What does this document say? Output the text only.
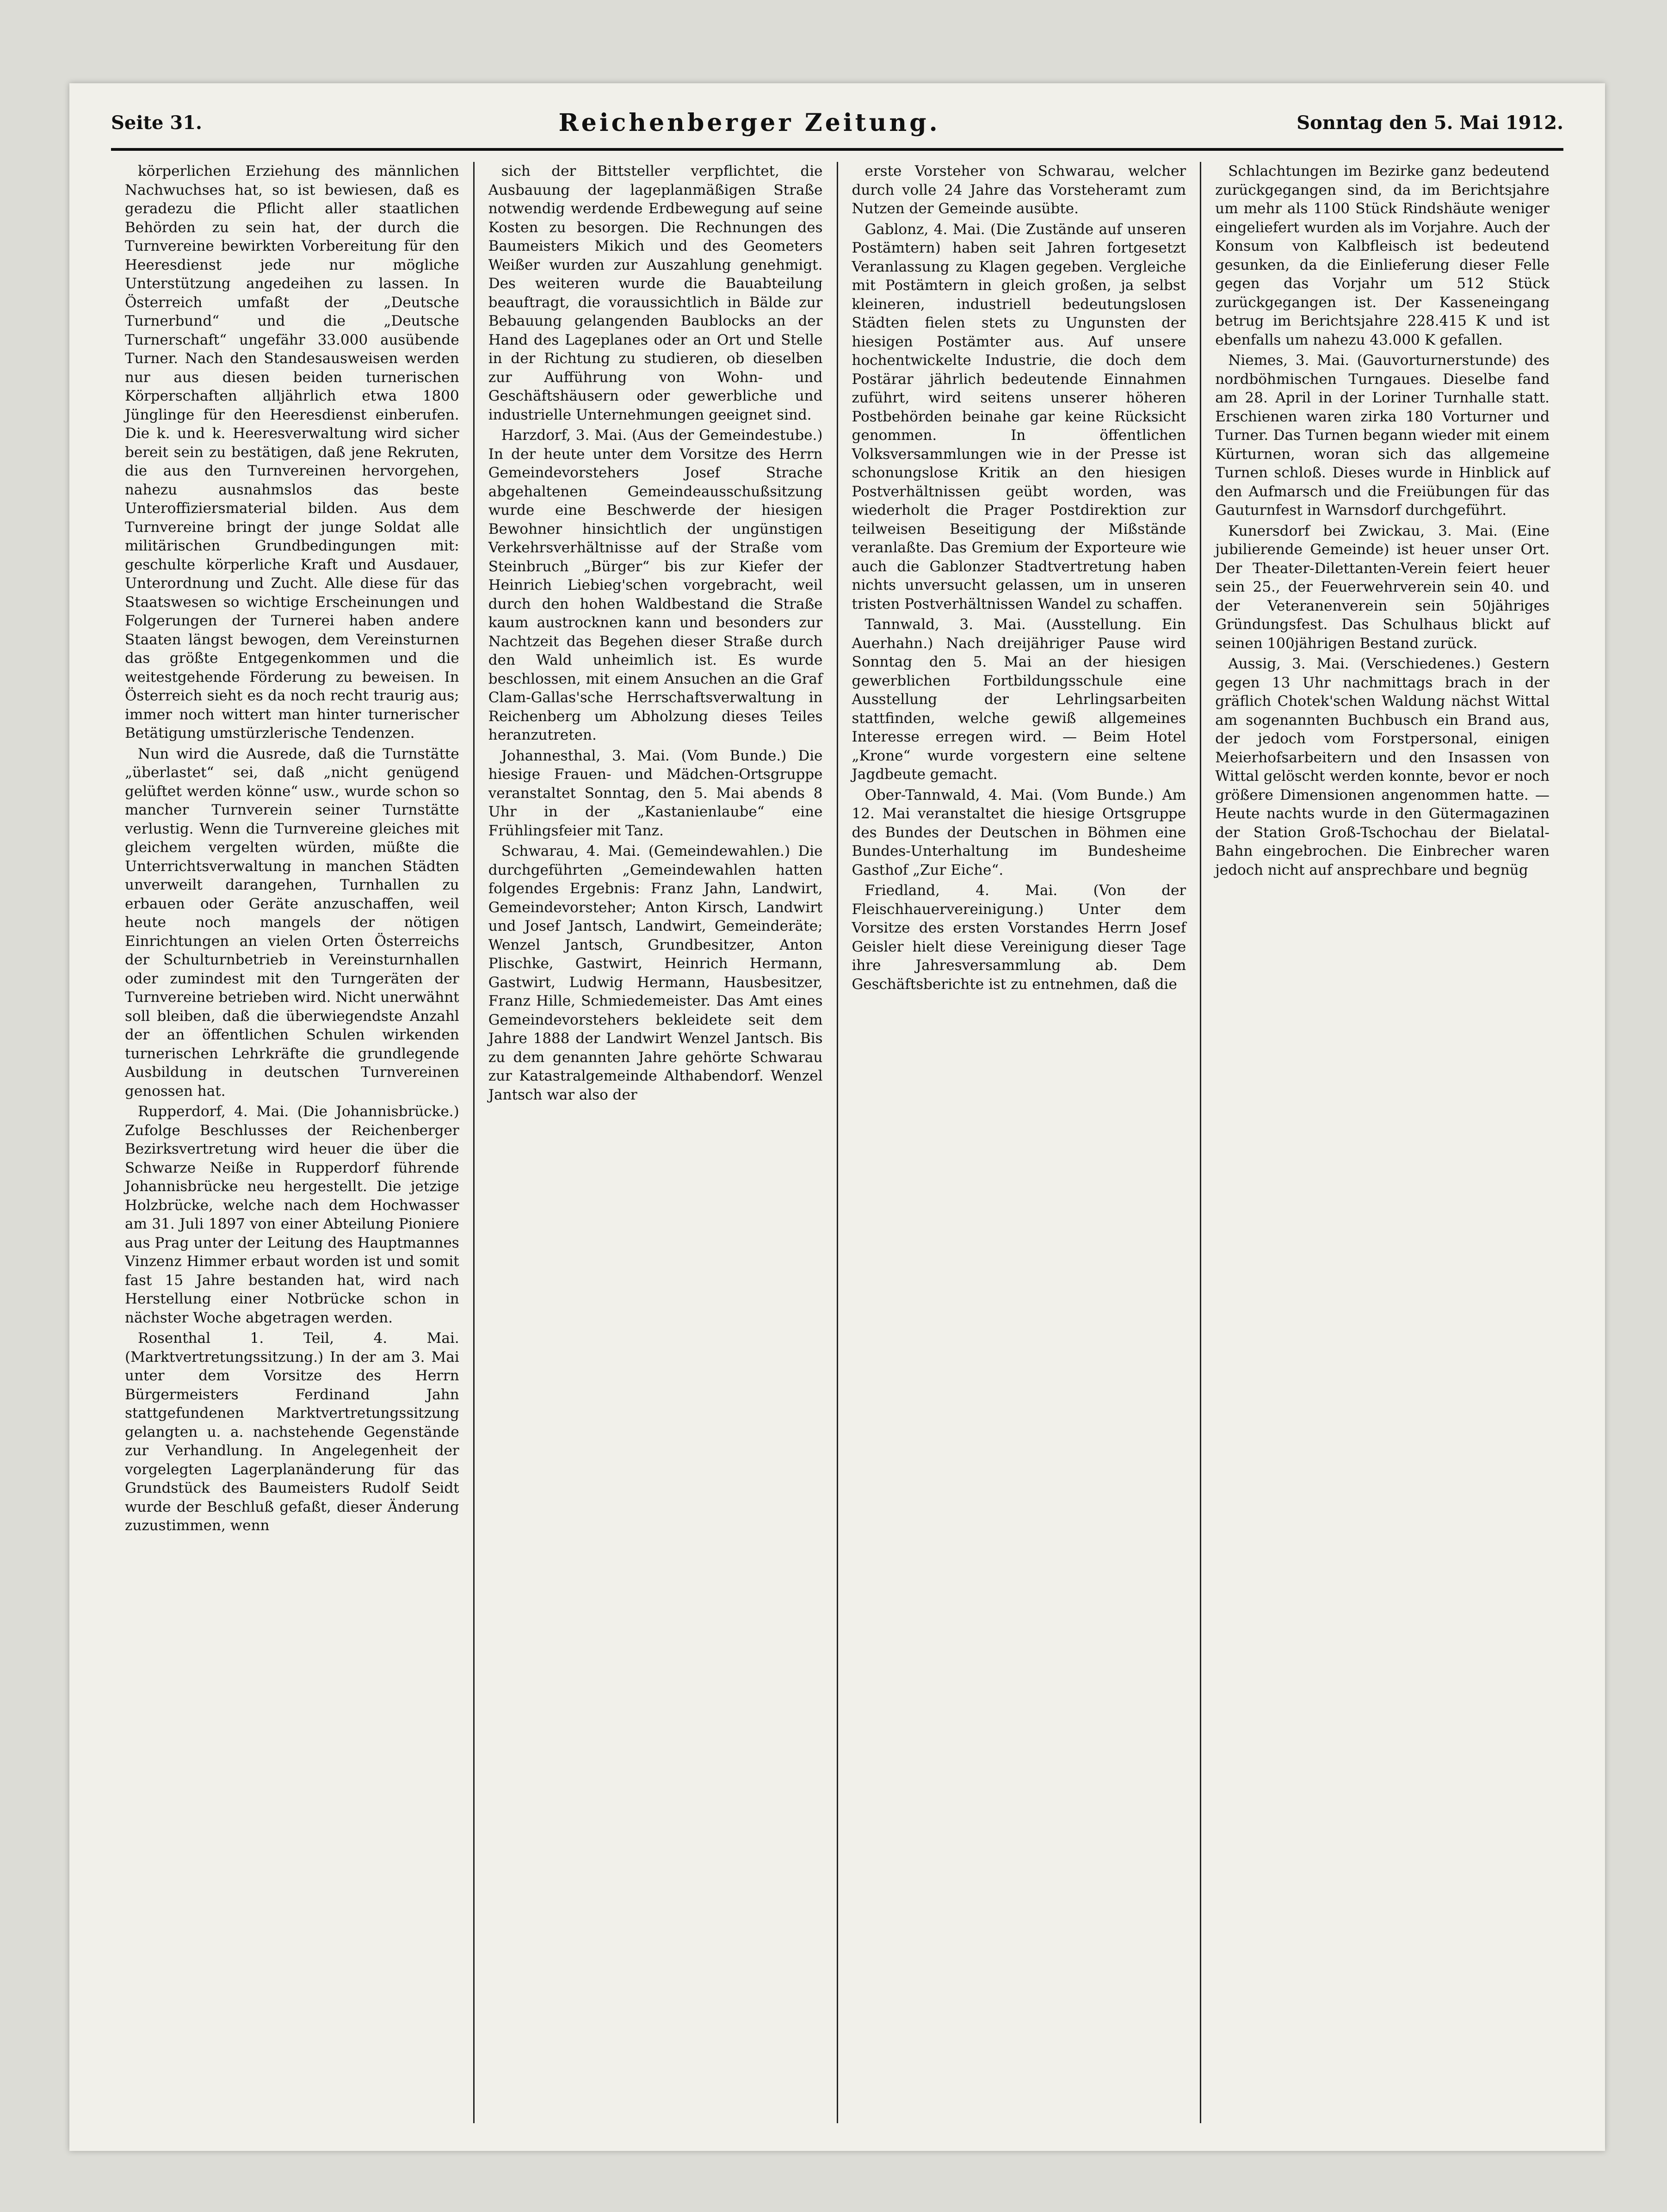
Seite 31.	Reichenberger Zeitung.	Sonntag den 5. Mai 1912.

körperlichen Erziehung des männlichen Nachwuchses hat, so ist bewiesen, daß es geradezu die Pflicht aller staatlichen Behörden zu sein hat, der durch die Turnvereine bewirkten Vorbereitung für den Heeresdienst jede nur mögliche Unterstützung angedeihen zu lassen. In Österreich umfaßt der „Deutsche Turnerbund“ und die „Deutsche Turnerschaft“ ungefähr 33.000 ausübende Turner. Nach den Standesausweisen werden nur aus diesen beiden turnerischen Körperschaften alljährlich etwa 1800 Jünglinge für den Heeresdienst einberufen. Die k. und k. Heeresverwaltung wird sicher bereit sein zu bestätigen, daß jene Rekruten, die aus den Turnvereinen hervorgehen, nahezu ausnahmslos das beste Unteroffiziersmaterial bilden. Aus dem Turnvereine bringt der junge Soldat alle militärischen Grundbedingungen mit: geschulte körperliche Kraft und Ausdauer, Unterordnung und Zucht. Alle diese für das Staatswesen so wichtige Erscheinungen und Folgerungen der Turnerei haben andere Staaten längst bewogen, dem Vereinsturnen das größte Entgegenkommen und die weitestgehende Förderung zu beweisen. In Österreich sieht es da noch recht traurig aus; immer noch wittert man hinter turnerischer Betätigung umstürzlerische Tendenzen.

Nun wird die Ausrede, daß die Turnstätte „überlastet“ sei, daß „nicht genügend gelüftet werden könne“ usw., wurde schon so mancher Turnverein seiner Turnstätte verlustig. Wenn die Turnvereine gleiches mit gleichem vergelten würden, müßte die Unterrichtsverwaltung in manchen Städten unverweilt darangehen, Turnhallen zu erbauen oder Geräte anzuschaffen, weil heute noch mangels der nötigen Einrichtungen an vielen Orten Österreichs der Schulturnbetrieb in Vereinsturnhallen oder zumindest mit den Turngeräten der Turnvereine betrieben wird. Nicht unerwähnt soll bleiben, daß die überwiegendste Anzahl der an öffentlichen Schulen wirkenden turnerischen Lehrkräfte die grundlegende Ausbildung in deutschen Turnvereinen genossen hat.

Rupperdorf, 4. Mai. (Die Johannisbrücke.) Zufolge Beschlusses der Reichenberger Bezirksvertretung wird heuer die über die Schwarze Neiße in Rupperdorf führende Johannisbrücke neu hergestellt. Die jetzige Holzbrücke, welche nach dem Hochwasser am 31. Juli 1897 von einer Abteilung Pioniere aus Prag unter der Leitung des Hauptmannes Vinzenz Himmer erbaut worden ist und somit fast 15 Jahre bestanden hat, wird nach Herstellung einer Notbrücke schon in nächster Woche abgetragen werden.

Rosenthal 1. Teil, 4. Mai. (Marktvertretungssitzung.) In der am 3. Mai unter dem Vorsitze des Herrn Bürgermeisters Ferdinand Jahn stattgefundenen Marktvertretungssitzung gelangten u. a. nachstehende Gegenstände zur Verhandlung. In Angelegenheit der vorgelegten Lagerplanänderung für das Grundstück des Baumeisters Rudolf Seidt wurde der Beschluß gefaßt, dieser Änderung zuzustimmen, wenn

sich der Bittsteller verpflichtet, die Ausbauung der lageplanmäßigen Straße notwendig werdende Erdbewegung auf seine Kosten zu besorgen. Die Rechnungen des Baumeisters Mikich und des Geometers Weißer wurden zur Auszahlung genehmigt. Des weiteren wurde die Bauabteilung beauftragt, die voraussichtlich in Bälde zur Bebauung gelangenden Baublocks an der Hand des Lageplanes oder an Ort und Stelle in der Richtung zu studieren, ob dieselben zur Aufführung von Wohn- und Geschäftshäusern oder gewerbliche und industrielle Unternehmungen geeignet sind.

Harzdorf, 3. Mai. (Aus der Gemeindestube.) In der heute unter dem Vorsitze des Herrn Gemeindevorstehers Josef Strache abgehaltenen Gemeindeausschußsitzung wurde eine Beschwerde der hiesigen Bewohner hinsichtlich der ungünstigen Verkehrsverhältnisse auf der Straße vom Steinbruch „Bürger“ bis zur Kiefer der Heinrich Liebieg'schen vorgebracht, weil durch den hohen Waldbestand die Straße kaum austrocknen kann und besonders zur Nachtzeit das Begehen dieser Straße durch den Wald unheimlich ist. Es wurde beschlossen, mit einem Ansuchen an die Graf Clam-Gallas'sche Herrschaftsverwaltung in Reichenberg um Abholzung dieses Teiles heranzutreten.

Johannesthal, 3. Mai. (Vom Bunde.) Die hiesige Frauen- und Mädchen-Ortsgruppe veranstaltet Sonntag, den 5. Mai abends 8 Uhr in der „Kastanienlaube“ eine Frühlingsfeier mit Tanz.

Schwarau, 4. Mai. (Gemeindewahlen.) Die durchgeführten „Gemeindewahlen hatten folgendes Ergebnis: Franz Jahn, Landwirt, Gemeindevorsteher; Anton Kirsch, Landwirt und Josef Jantsch, Landwirt, Gemeinderäte; Wenzel Jantsch, Grundbesitzer, Anton Plischke, Gastwirt, Heinrich Hermann, Gastwirt, Ludwig Hermann, Hausbesitzer, Franz Hille, Schmiedemeister. Das Amt eines Gemeindevorstehers bekleidete seit dem Jahre 1888 der Landwirt Wenzel Jantsch. Bis zu dem genannten Jahre gehörte Schwarau zur Katastralgemeinde Althabendorf. Wenzel Jantsch war also der

erste Vorsteher von Schwarau, welcher durch volle 24 Jahre das Vorsteheramt zum Nutzen der Gemeinde ausübte.

Gablonz, 4. Mai. (Die Zustände auf unseren Postämtern) haben seit Jahren fortgesetzt Veranlassung zu Klagen gegeben. Vergleiche mit Postämtern in gleich großen, ja selbst kleineren, industriell bedeutungslosen Städten fielen stets zu Ungunsten der hiesigen Postämter aus. Auf unsere hochentwickelte Industrie, die doch dem Postärar jährlich bedeutende Einnahmen zuführt, wird seitens unserer höheren Postbehörden beinahe gar keine Rücksicht genommen. In öffentlichen Volksversammlungen wie in der Presse ist schonungslose Kritik an den hiesigen Postverhältnissen geübt worden, was wiederholt die Prager Postdirektion zur teilweisen Beseitigung der Mißstände veranlaßte. Das Gremium der Exporteure wie auch die Gablonzer Stadtvertretung haben nichts unversucht gelassen, um in unseren tristen Postverhältnissen Wandel zu schaffen.

Tannwald, 3. Mai. (Ausstellung. Ein Auerhahn.) Nach dreijähriger Pause wird Sonntag den 5. Mai an der hiesigen gewerblichen Fortbildungsschule eine Ausstellung der Lehrlingsarbeiten stattfinden, welche gewiß allgemeines Interesse erregen wird. — Beim Hotel „Krone“ wurde vorgestern eine seltene Jagdbeute gemacht.

Ober-Tannwald, 4. Mai. (Vom Bunde.) Am 12. Mai veranstaltet die hiesige Ortsgruppe des Bundes der Deutschen in Böhmen eine Bundes-Unterhaltung im Bundesheime Gasthof „Zur Eiche“.

Friedland, 4. Mai. (Von der Fleischhauervereinigung.) Unter dem Vorsitze des ersten Vorstandes Herrn Josef Geisler hielt diese Vereinigung dieser Tage ihre Jahresversammlung ab. Dem Geschäftsberichte ist zu entnehmen, daß die

Schlachtungen im Bezirke ganz bedeutend zurückgegangen sind, da im Berichtsjahre um mehr als 1100 Stück Rindshäute weniger eingeliefert wurden als im Vorjahre. Auch der Konsum von Kalbfleisch ist bedeutend gesunken, da die Einlieferung dieser Felle gegen das Vorjahr um 512 Stück zurückgegangen ist. Der Kasseneingang betrug im Berichtsjahre 228.415 K und ist ebenfalls um nahezu 43.000 K gefallen.

Niemes, 3. Mai. (Gauvorturnerstunde) des nordböhmischen Turngaues. Dieselbe fand am 28. April in der Loriner Turnhalle statt. Erschienen waren zirka 180 Vorturner und Turner. Das Turnen begann wieder mit einem Kürturnen, woran sich das allgemeine Turnen schloß. Dieses wurde in Hinblick auf den Aufmarsch und die Freiübungen für das Gauturnfest in Warnsdorf durchgeführt.

Kunersdorf bei Zwickau, 3. Mai. (Eine jubilierende Gemeinde) ist heuer unser Ort. Der Theater-Dilettanten-Verein feiert heuer sein 25., der Feuerwehrverein sein 40. und der Veteranenverein sein 50jähriges Gründungsfest. Das Schulhaus blickt auf seinen 100jährigen Bestand zurück.

Aussig, 3. Mai. (Verschiedenes.) Gestern gegen 13 Uhr nachmittags brach in der gräflich Chotek'schen Waldung nächst Wittal am sogenannten Buchbusch ein Brand aus, der jedoch vom Forstpersonal, einigen Meierhofsarbeitern und den Insassen von Wittal gelöscht werden konnte, bevor er noch größere Dimensionen angenommen hatte. — Heute nachts wurde in den Gütermagazinen der Station Groß-Tschochau der Bielatal-Bahn eingebrochen. Die Einbrecher waren jedoch nicht auf ansprechbare und begnüg
